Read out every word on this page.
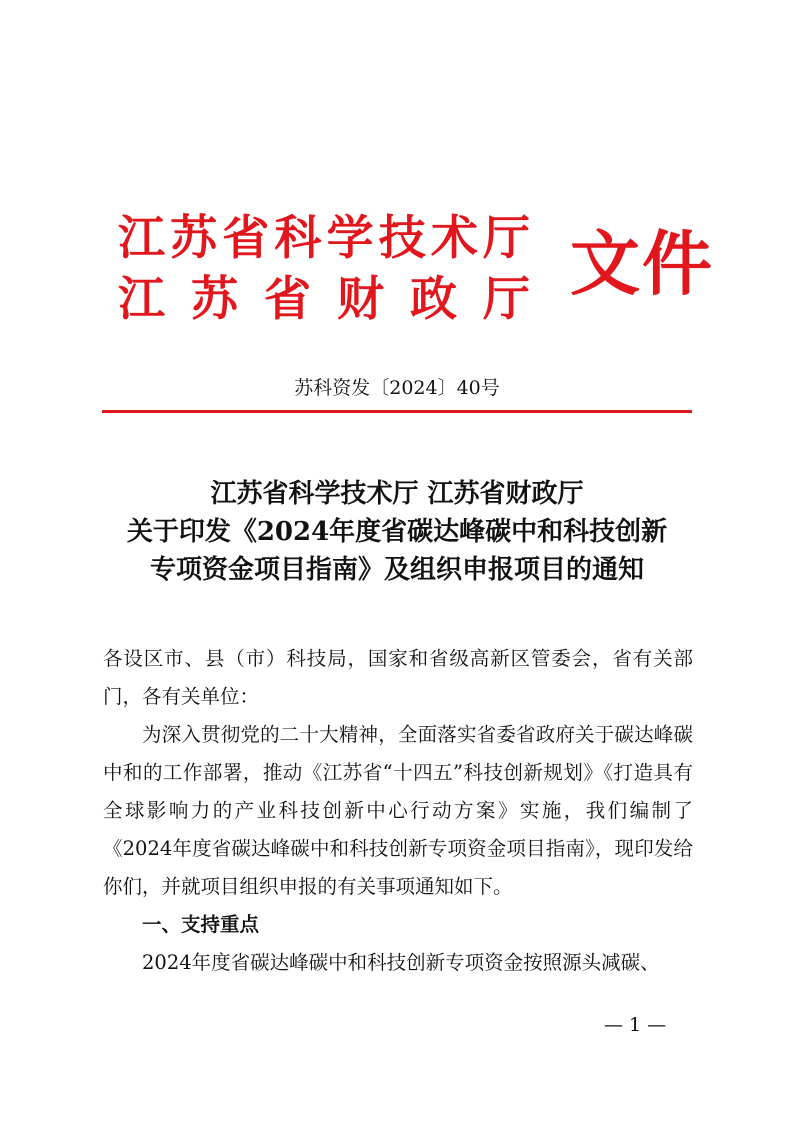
江苏省科学技术厅

江苏省财政厅 文件

苏科资发〔2024〕40号
江苏省科学技术厅 江苏省财政厅
关于印发《2024年度省碳达峰碳中和科技创新
专项资金项目指南》及组织申报项目的通知

各设区市、县（市）科技局，国家和省级高新区管委会，省有关部门，各有关单位：

为深入贯彻党的二十大精神，全面落实省委省政府关于碳达峰碳中和的工作部署，推动《江苏省“十四五”科技创新规划》《打造具有全球影响力的产业科技创新中心行动方案》实施，我们编制了《2024年度省碳达峰碳中和科技创新专项资金项目指南》，现印发给你们，并就项目组织申报的有关事项通知如下。

一、支持重点

2024年度省碳达峰碳中和科技创新专项资金按照源头减碳、

— 1 —
